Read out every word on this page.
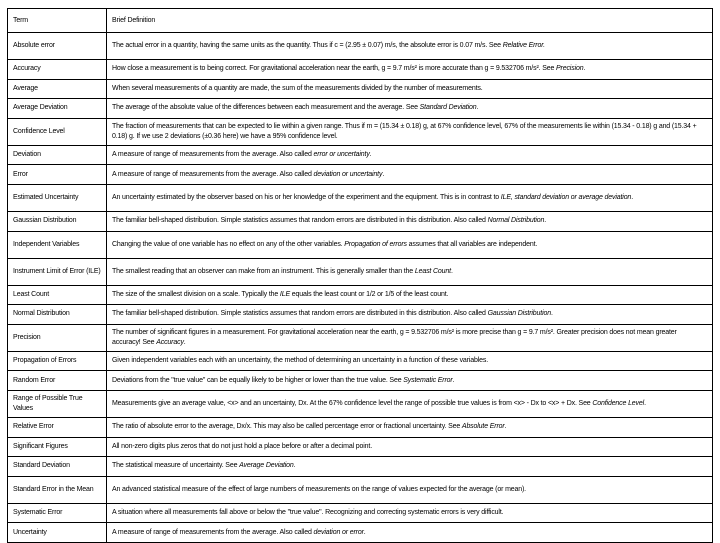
Term	Brief Definition
Absolute error	The actual error in a quantity, having the same units as the quantity. Thus if c = (2.95 ± 0.07) m/s, the absolute error is 0.07 m/s. See Relative Error.
Accuracy	How close a measurement is to being correct. For gravitational acceleration near the earth, g = 9.7 m/s² is more accurate than g = 9.532706 m/s². See Precision.
Average	When several measurements of a quantity are made, the sum of the measurements divided by the number of measurements.
Average Deviation	The average of the absolute value of the differences between each measurement and the average. See Standard Deviation.
Confidence Level	The fraction of measurements that can be expected to lie within a given range. Thus if m = (15.34 ± 0.18) g, at 67% confidence level, 67% of the measurements lie within (15.34 - 0.18) g and (15.34 + 0.18) g. If we use 2 deviations (±0.36 here) we have a 95% confidence level.
Deviation	A measure of range of measurements from the average. Also called error or uncertainty.
Error	A measure of range of measurements from the average. Also called deviation or uncertainty.
Estimated Uncertainty	An uncertainty estimated by the observer based on his or her knowledge of the experiment and the equipment. This is in contrast to ILE, standard deviation or average deviation.
Gaussian Distribution	The familiar bell-shaped distribution. Simple statistics assumes that random errors are distributed in this distribution. Also called Normal Distribution.
Independent Variables	Changing the value of one variable has no effect on any of the other variables. Propagation of errors assumes that all variables are independent.
Instrument Limit of Error (ILE)	The smallest reading that an observer can make from an instrument. This is generally smaller than the Least Count.
Least Count	The size of the smallest division on a scale. Typically the ILE equals the least count or 1/2 or 1/5 of the least count.
Normal Distribution	The familiar bell-shaped distribution. Simple statistics assumes that random errors are distributed in this distribution. Also called Gaussian Distribution.
Precision	The number of significant figures in a measurement. For gravitational acceleration near the earth, g = 9.532706 m/s² is more precise than g = 9.7 m/s². Greater precision does not mean greater accuracy! See Accuracy.
Propagation of Errors	Given independent variables each with an uncertainty, the method of determining an uncertainty in a function of these variables.
Random Error	Deviations from the "true value" can be equally likely to be higher or lower than the true value. See Systematic Error.
Range of Possible True Values	Measurements give an average value, <x> and an uncertainty, Dx. At the 67% confidence level the range of possible true values is from <x> - Dx to <x> + Dx. See Confidence Level.
Relative Error	The ratio of absolute error to the average, Dx/x. This may also be called percentage error or fractional uncertainty. See Absolute Error.
Significant Figures	All non-zero digits plus zeros that do not just hold a place before or after a decimal point.
Standard Deviation	The statistical measure of uncertainty. See Average Deviation.
Standard Error in the Mean	An advanced statistical measure of the effect of large numbers of measurements on the range of values expected for the average (or mean).
Systematic Error	A situation where all measurements fall above or below the "true value". Recognizing and correcting systematic errors is very difficult.
Uncertainty	A measure of range of measurements from the average. Also called deviation or error.
